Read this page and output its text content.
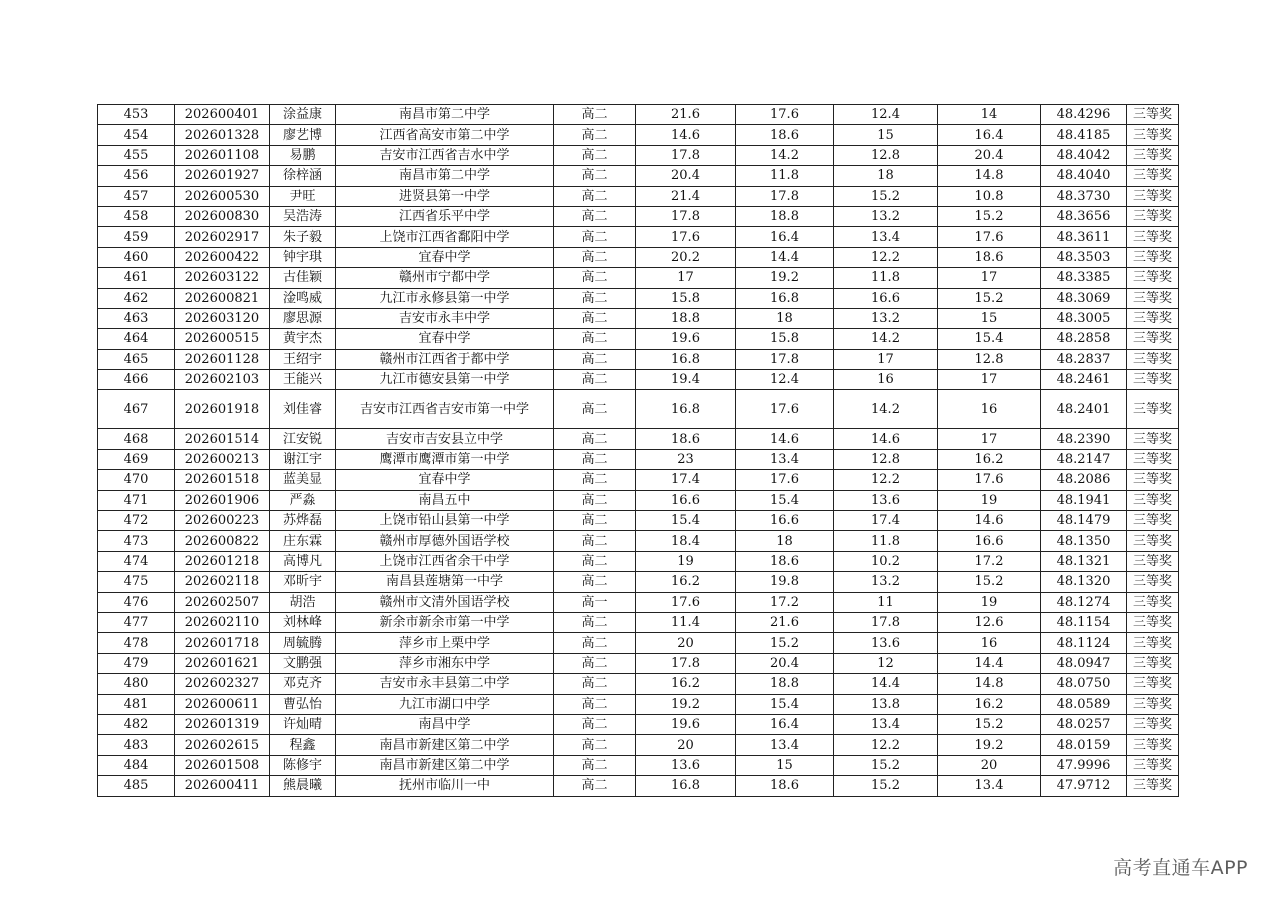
453	202600401	涂益康	南昌市第二中学	高二	21.6	17.6	12.4	14	48.4296	三等奖
454	202601328	廖艺博	江西省高安市第二中学	高二	14.6	18.6	15	16.4	48.4185	三等奖
455	202601108	易鹏	吉安市江西省吉水中学	高二	17.8	14.2	12.8	20.4	48.4042	三等奖
456	202601927	徐梓涵	南昌市第二中学	高二	20.4	11.8	18	14.8	48.4040	三等奖
457	202600530	尹旺	进贤县第一中学	高二	21.4	17.8	15.2	10.8	48.3730	三等奖
458	202600830	吴浩涛	江西省乐平中学	高二	17.8	18.8	13.2	15.2	48.3656	三等奖
459	202602917	朱子毅	上饶市江西省鄱阳中学	高二	17.6	16.4	13.4	17.6	48.3611	三等奖
460	202600422	钟宇琪	宜春中学	高二	20.2	14.4	12.2	18.6	48.3503	三等奖
461	202603122	古佳颖	赣州市宁都中学	高二	17	19.2	11.8	17	48.3385	三等奖
462	202600821	淦鸣威	九江市永修县第一中学	高二	15.8	16.8	16.6	15.2	48.3069	三等奖
463	202603120	廖思源	吉安市永丰中学	高二	18.8	18	13.2	15	48.3005	三等奖
464	202600515	黄宇杰	宜春中学	高二	19.6	15.8	14.2	15.4	48.2858	三等奖
465	202601128	王绍宇	赣州市江西省于都中学	高二	16.8	17.8	17	12.8	48.2837	三等奖
466	202602103	王能兴	九江市德安县第一中学	高二	19.4	12.4	16	17	48.2461	三等奖
467	202601918	刘佳睿	吉安市江西省吉安市第一中学	高二	16.8	17.6	14.2	16	48.2401	三等奖
468	202601514	江安锐	吉安市吉安县立中学	高二	18.6	14.6	14.6	17	48.2390	三等奖
469	202600213	谢江宇	鹰潭市鹰潭市第一中学	高二	23	13.4	12.8	16.2	48.2147	三等奖
470	202601518	蓝美显	宜春中学	高二	17.4	17.6	12.2	17.6	48.2086	三等奖
471	202601906	严淼	南昌五中	高二	16.6	15.4	13.6	19	48.1941	三等奖
472	202600223	苏烨磊	上饶市铅山县第一中学	高二	15.4	16.6	17.4	14.6	48.1479	三等奖
473	202600822	庄东霖	赣州市厚德外国语学校	高二	18.4	18	11.8	16.6	48.1350	三等奖
474	202601218	高博凡	上饶市江西省余干中学	高二	19	18.6	10.2	17.2	48.1321	三等奖
475	202602118	邓昕宇	南昌县莲塘第一中学	高二	16.2	19.8	13.2	15.2	48.1320	三等奖
476	202602507	胡浩	赣州市文清外国语学校	高一	17.6	17.2	11	19	48.1274	三等奖
477	202602110	刘林峰	新余市新余市第一中学	高二	11.4	21.6	17.8	12.6	48.1154	三等奖
478	202601718	周毓腾	萍乡市上栗中学	高二	20	15.2	13.6	16	48.1124	三等奖
479	202601621	文鹏强	萍乡市湘东中学	高二	17.8	20.4	12	14.4	48.0947	三等奖
480	202602327	邓克齐	吉安市永丰县第二中学	高二	16.2	18.8	14.4	14.8	48.0750	三等奖
481	202600611	曹弘怡	九江市湖口中学	高二	19.2	15.4	13.8	16.2	48.0589	三等奖
482	202601319	许灿晴	南昌中学	高二	19.6	16.4	13.4	15.2	48.0257	三等奖
483	202602615	程鑫	南昌市新建区第二中学	高二	20	13.4	12.2	19.2	48.0159	三等奖
484	202601508	陈修宇	南昌市新建区第二中学	高二	13.6	15	15.2	20	47.9996	三等奖
485	202600411	熊晨曦	抚州市临川一中	高二	16.8	18.6	15.2	13.4	47.9712	三等奖
高考直通车APP
